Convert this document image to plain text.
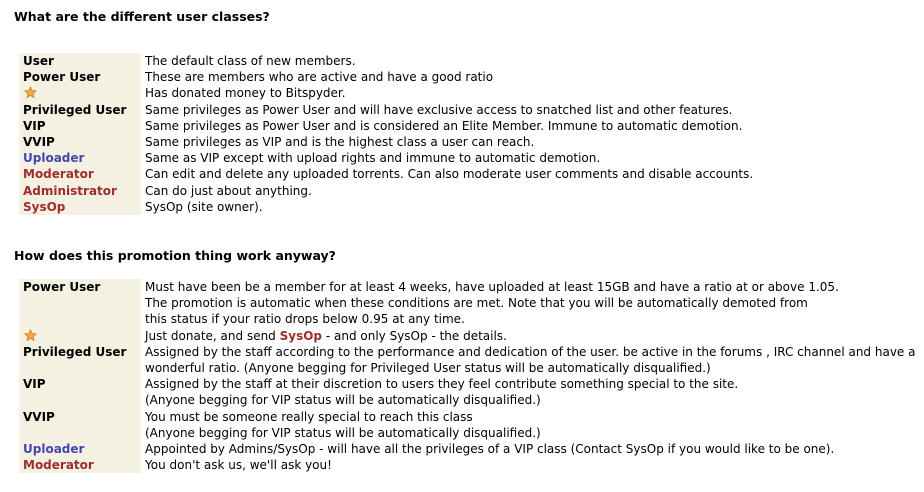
What are the different user classes?
User	The default class of new members.
Power User	These are members who are active and have a good ratio
	Has donated money to Bitspyder.
Privileged User	Same privileges as Power User and will have exclusive access to snatched list and other features.
VIP	Same privileges as Power User and is considered an Elite Member. Immune to automatic demotion.
VVIP	Same privileges as VIP and is the highest class a user can reach.
Uploader	Same as VIP except with upload rights and immune to automatic demotion.
Moderator	Can edit and delete any uploaded torrents. Can also moderate user comments and disable accounts.
Administrator	Can do just about anything.
SysOp	SysOp (site owner).
How does this promotion thing work anyway?
Power User	Must have been be a member for at least 4 weeks, have uploaded at least 15GB and have a ratio at or above 1.05.
	The promotion is automatic when these conditions are met. Note that you will be automatically demoted from
	this status if your ratio drops below 0.95 at any time.
	Just donate, and send SysOp - and only SysOp - the details.
Privileged User	Assigned by the staff according to the performance and dedication of the user. be active in the forums , IRC channel and have a
	wonderful ratio. (Anyone begging for Privileged User status will be automatically disqualified.)
VIP	Assigned by the staff at their discretion to users they feel contribute something special to the site.
	(Anyone begging for VIP status will be automatically disqualified.)
VVIP	You must be someone really special to reach this class
	(Anyone begging for VIP status will be automatically disqualified.)
Uploader	Appointed by Admins/SysOp - will have all the privileges of a VIP class (Contact SysOp if you would like to be one).
Moderator	You don't ask us, we'll ask you!
